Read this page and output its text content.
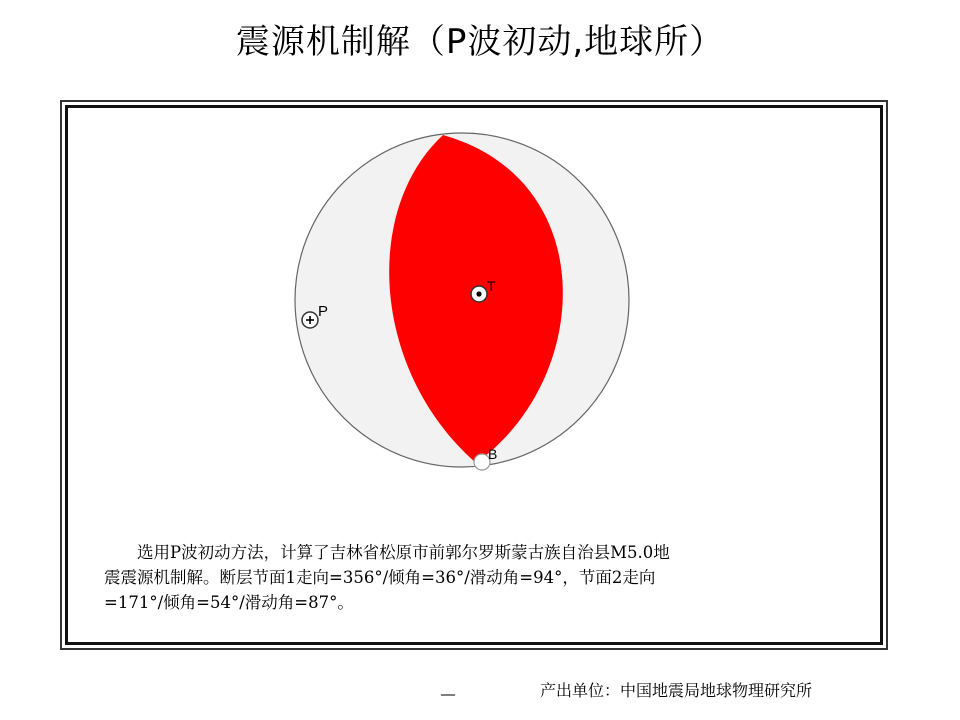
震源机制解（P波初动,地球所）
T
P
B
　　选用P波初动方法，计算了吉林省松原市前郭尔罗斯蒙古族自治县M5.0地
震震源机制解。断层节面1走向=356°/倾角=36°/滑动角=94°，节面2走向
=171°/倾角=54°/滑动角=87°。
__	产出单位：中国地震局地球物理研究所
